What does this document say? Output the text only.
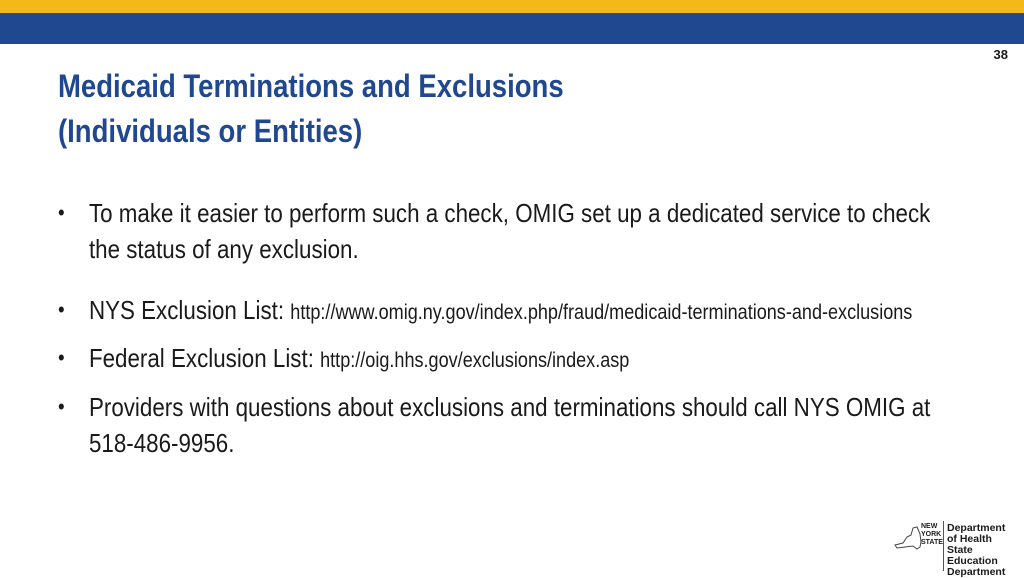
38
Medicaid Terminations and Exclusions
(Individuals or Entities)
• To make it easier to perform such a check, OMIG set up a dedicated service to check the status of any exclusion.
• NYS Exclusion List: http://www.omig.ny.gov/index.php/fraud/medicaid-terminations-and-exclusions
• Federal Exclusion List: http://oig.hhs.gov/exclusions/index.asp
• Providers with questions about exclusions and terminations should call NYS OMIG at 518-486-9956.
NEW
YORK
STATE
Department
of Health
State Education
Department
